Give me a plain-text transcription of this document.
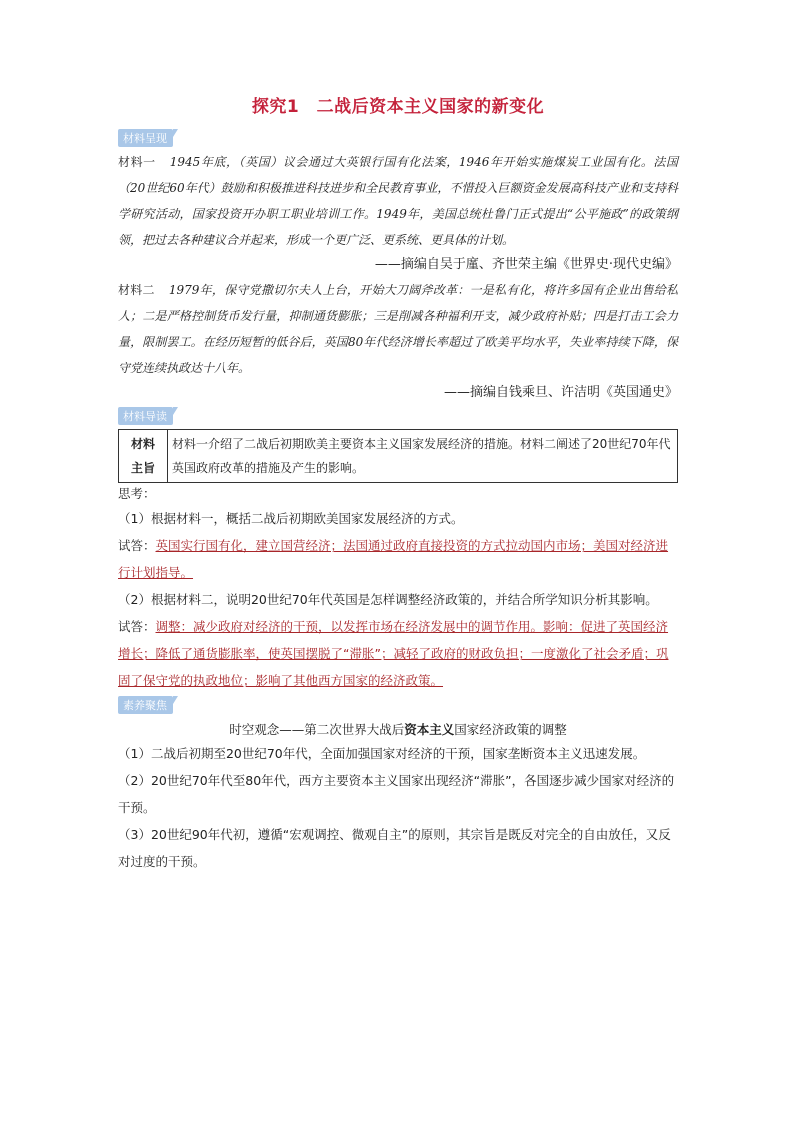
探究1　二战后资本主义国家的新变化
材料呈现

材料一 1945年底，（英国）议会通过大英银行国有化法案，1946年开始实施煤炭工业国有化。法国（20世纪60年代）鼓励和积极推进科技进步和全民教育事业，不惜投入巨额资金发展高科技产业和支持科学研究活动，国家投资开办职工职业培训工作。1949年，美国总统杜鲁门正式提出“公平施政”的政策纲领，把过去各种建议合并起来，形成一个更广泛、更系统、更具体的计划。

——摘编自吴于廑、齐世荣主编《世界史·现代史编》

材料二 1979年，保守党撒切尔夫人上台，开始大刀阔斧改革：一是私有化，将许多国有企业出售给私人；二是严格控制货币发行量，抑制通货膨胀；三是削减各种福利开支，减少政府补贴；四是打击工会力量，限制罢工。在经历短暂的低谷后，英国80年代经济增长率超过了欧美平均水平，失业率持续下降，保守党连续执政达十八年。

——摘编自钱乘旦、许洁明《英国通史》
材料导读
材料
主旨
	材料一介绍了二战后初期欧美主要资本主义国家发展经济的措施。材料二阐述了20世纪70年代英国政府改革的措施及产生的影响。

思考：

（1）根据材料一，概括二战后初期欧美国家发展经济的方式。

试答：英国实行国有化，建立国营经济；法国通过政府直接投资的方式拉动国内市场；美国对经济进行计划指导。

（2）根据材料二，说明20世纪70年代英国是怎样调整经济政策的，并结合所学知识分析其影响。

试答：调整：减少政府对经济的干预，以发挥市场在经济发展中的调节作用。影响：促进了英国经济增长；降低了通货膨胀率，使英国摆脱了“滞胀”；减轻了政府的财政负担；一度激化了社会矛盾；巩固了保守党的执政地位；影响了其他西方国家的经济政策。

素养聚焦
时空观念——第二次世界大战后资本主义国家经济政策的调整

（1）二战后初期至20世纪70年代，全面加强国家对经济的干预，国家垄断资本主义迅速发展。

（2）20世纪70年代至80年代，西方主要资本主义国家出现经济“滞胀”，各国逐步减少国家对经济的干预。

（3）20世纪90年代初，遵循“宏观调控、微观自主”的原则，其宗旨是既反对完全的自由放任，又反对过度的干预。
